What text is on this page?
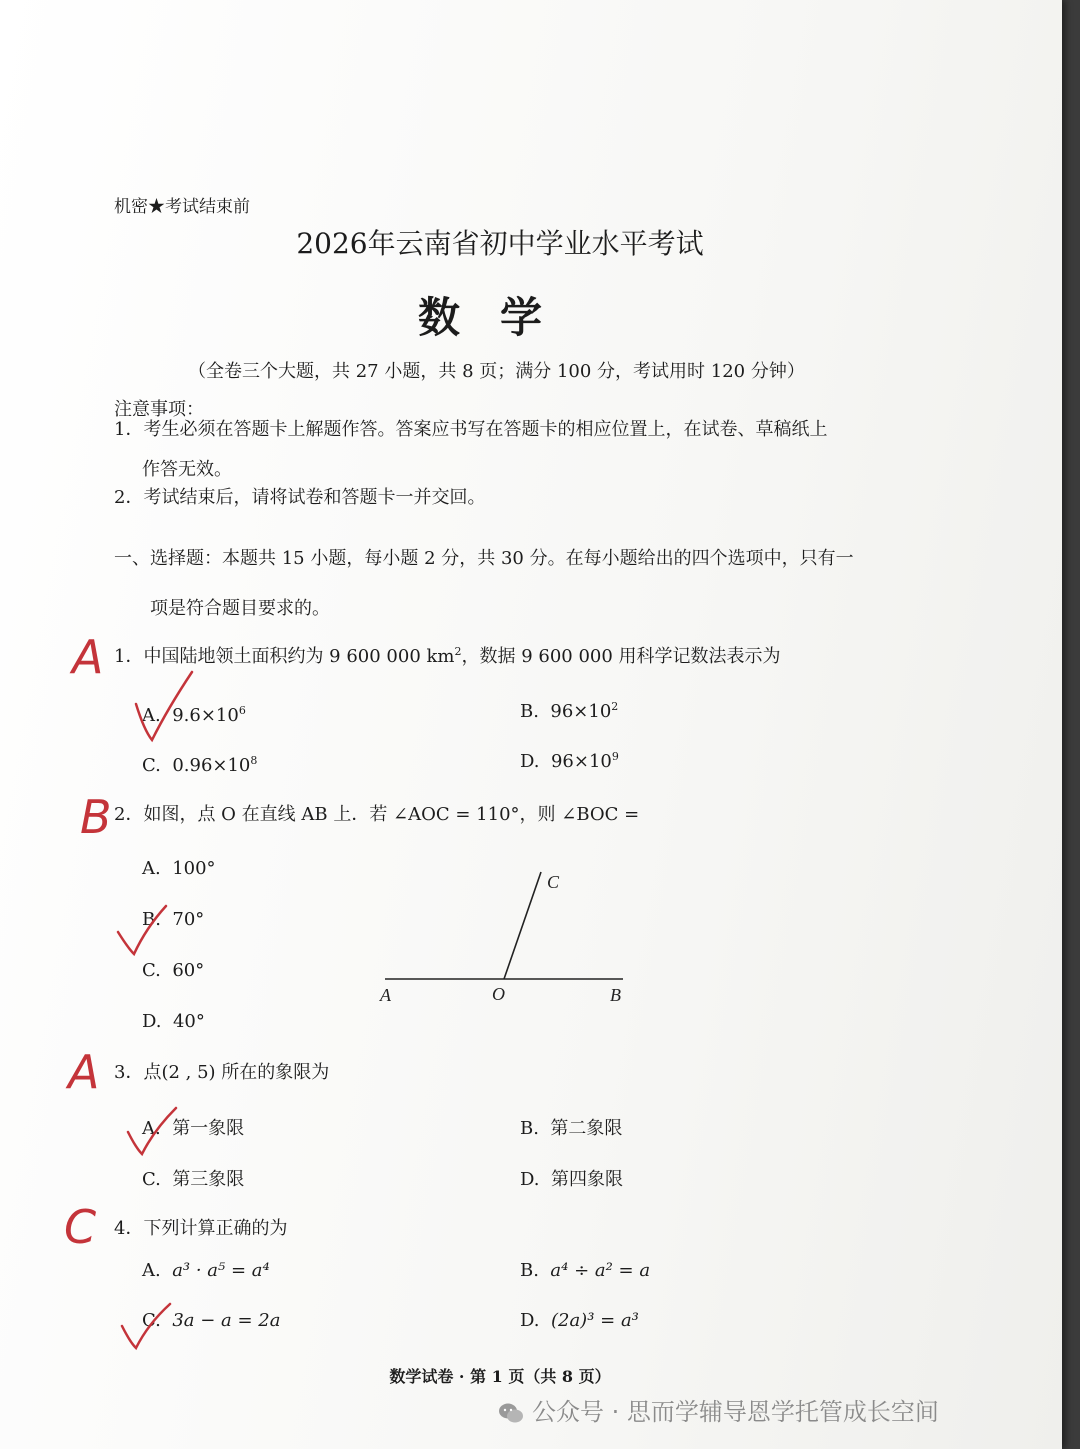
机密★考试结束前
2026年云南省初中学业水平考试
数学
（全卷三个大题，共 27 小题，共 8 页；满分 100 分，考试用时 120 分钟）
注意事项：
1．考生必须在答题卡上解题作答。答案应书写在答题卡的相应位置上，在试卷、草稿纸上
作答无效。
2．考试结束后，请将试卷和答题卡一并交回。
一、选择题：本题共 15 小题，每小题 2 分，共 30 分。在每小题给出的四个选项中，只有一
项是符合题目要求的。
1．中国陆地领土面积约为 9 600 000 $km^2$，数据 9 600 000 用科学记数法表示为
A. $9.6\times 10^6$	B. $96\times 10^2$
C. $0.96\times 10^8$	D. $96\times 10^9$
2．如图，点 O 在直线 AB 上．若 ∠AOC = 110°，则 ∠BOC =
A. 100°
B. 70°
C. 60°
D. 40°
A	O	B
C
3．点(2 , 5) 所在的象限为
A. 第一象限	B. 第二象限
C. 第三象限	D. 第四象限
4．下列计算正确的为
A. a³ · a⁵ = a⁴	B. a⁴ ÷ a² = a
C. 3a − a = 2a	D. (2a)³ = a³
A
B
A
C
数学试卷 · 第 1 页（共 8 页）
公众号 · 思而学辅导恩学托管成长空间
